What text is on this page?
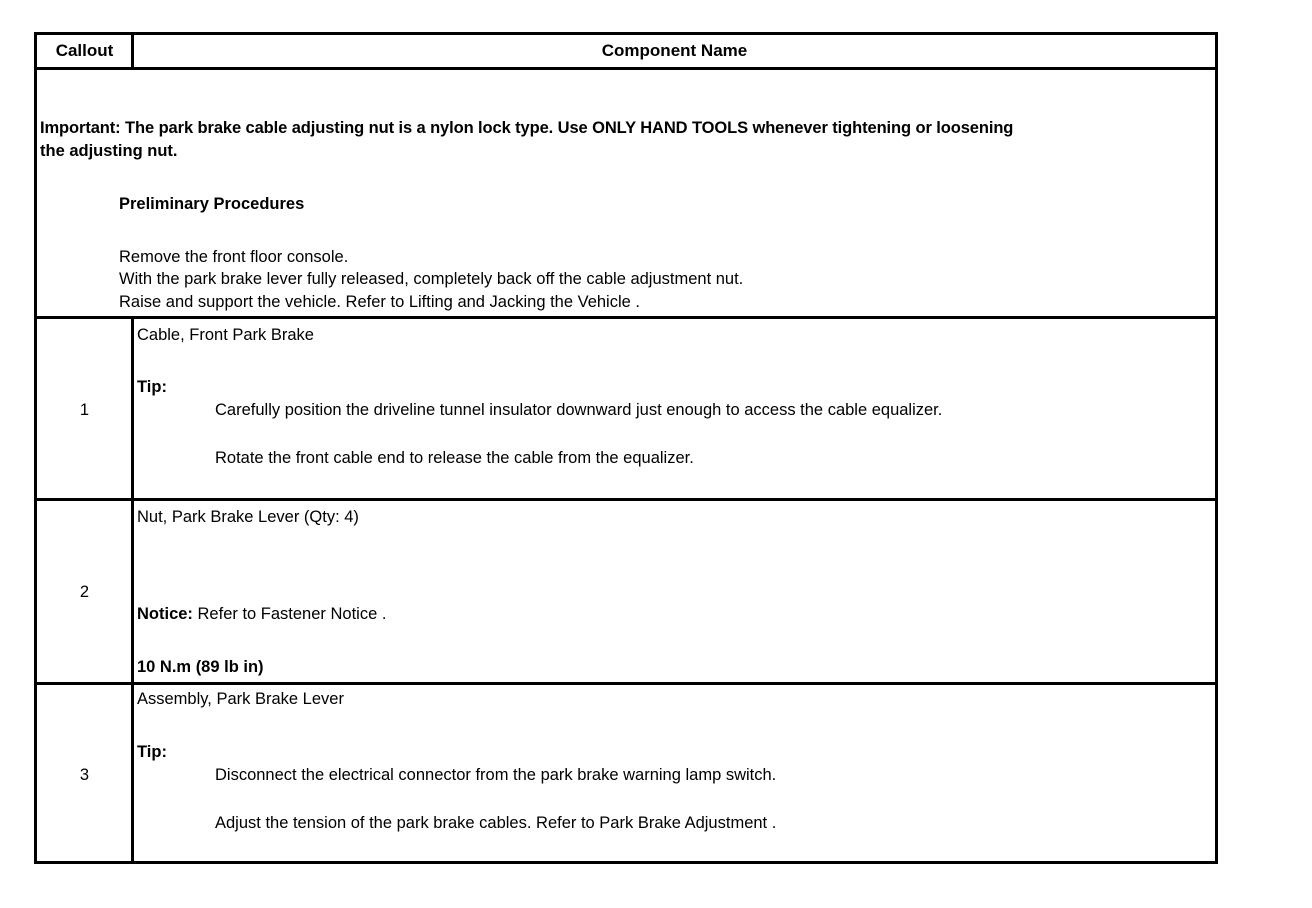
Callout	Component Name
Important: The park brake cable adjusting nut is a nylon lock type. Use ONLY HAND TOOLS whenever tightening or loosening
the adjusting nut.
Preliminary Procedures
Remove the front floor console.
With the park brake lever fully released, completely back off the cable adjustment nut.
Raise and support the vehicle. Refer to Lifting and Jacking the Vehicle .
1
Cable, Front Park Brake
Tip:
Carefully position the driveline tunnel insulator downward just enough to access the cable equalizer.
Rotate the front cable end to release the cable from the equalizer.
2
Nut, Park Brake Lever (Qty: 4)
Notice: Refer to Fastener Notice .
10 N.m (89 lb in)
3
Assembly, Park Brake Lever
Tip:
Disconnect the electrical connector from the park brake warning lamp switch.
Adjust the tension of the park brake cables. Refer to Park Brake Adjustment .
